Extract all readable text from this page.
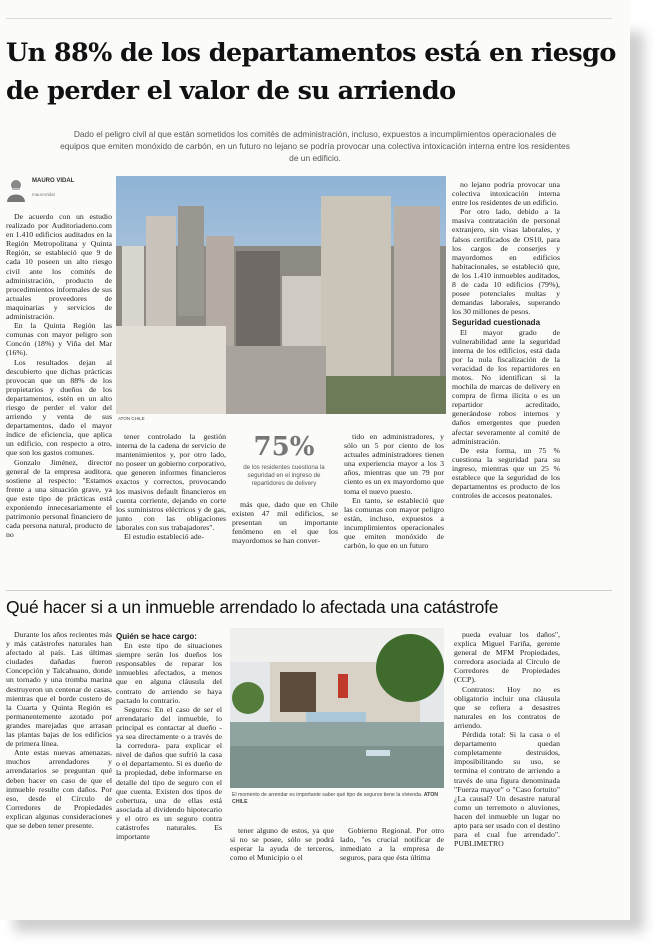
Un 88% de los departamentos está en riesgo de perder el valor de su arriendo
Dado el peligro civil al que están sometidos los comités de administración, incluso, expuestos a incumplimientos operacionales de equipos que emiten monóxido de carbón, en un futuro no lejano se podría provocar una colectiva intoxicación interna entre los residentes de un edificio.
MAURO VIDAL
mauroVidal

De acuerdo con un estudio realizado por Auditoriadeno.com en 1.410 edificios auditados en la Región Metropolitana y Quinta Región, se estableció que 9 de cada 10 poseen un alto riesgo civil ante los comités de administración, producto de procedimientos informales de sus actuales proveedores de maquinarias y servicios de administración.

En la Quinta Región las comunas con mayor peligro son Concón (18%) y Viña del Mar (16%).

Los resultados dejan al descubierto que dichas prácticas provocan que un 88% de los propietarios y dueños de los departamentos, estén en un alto riesgo de perder el valor del arriendo y venta de sus departamentos, dado el mayor índice de eficiencia, que aplica un edificio, con respecto a otro, que son los gastos comunes.

Gonzalo Jiménez, director general de la empresa auditora, sostiene al respecto: "Estamos frente a una situación grave, ya que este tipo de prácticas está exponiendo innecesariamente el patrimonio personal financiero de cada persona natural, producto de no

ATON CHILE

tener controlado la gestión interna de la cadena de servicio de mantenimientos y, por otro lado, no poseer un gobierno corporativo, que generen informes financieros exactos y correctos, provocando los masivos default financieros en cuenta corriente, dejando en corte los suministros eléctricos y de gas, junto con las obligaciones laborales con sus trabajadores".

El estudio estableció ade-

75%
de los residentes cuestiona la seguridad en el ingreso de repartidores de delivery

más que, dado que en Chile existen 47 mil edificios, se presentan un importante fenómeno en el que los mayordomos se han conver-

tido en administradores, y sólo un 5 por ciento de los actuales administradores tienen una experiencia mayor a los 3 años, mientras que un 79 por ciento es un ex mayordomo que toma el nuevo puesto.

En tanto, se estableció que las comunas con mayor peligro están, incluso, expuestos a incumplimientos operacionales que emiten monóxido de carbón, lo que en un futuro

no lejano podría provocar una colectiva intoxicación interna entre los residentes de un edificio.

Por otro lado, debido a la masiva contratación de personal extranjero, sin visas laborales, y falsos certificados de OS10, para los cargos de conserjes y mayordomos en edificios habitacionales, se estableció que, de los 1.410 inmuebles auditados, 8 de cada 10 edificios (79%), posee potenciales multas y demandas laborales, superando los 30 millones de pesos.

Seguridad cuestionada

El mayor grado de vulnerabilidad ante la seguridad interna de los edificios, está dada por la nula fiscalización de la veracidad de los repartidores en motos. No identifican si la mochila de marcas de delivery en compra de firma ilícita o es un repartidor acreditado, generándose robos internos y daños emergentes que pueden afectar severamente al comité de administración.

De esta forma, un 75 % cuestiona la seguridad para su ingreso, mientras que un 25 % establece que la seguridad de los departamentos es producto de los controles de accesos peatonales.

Qué hacer si a un inmueble arrendado lo afectada una catástrofe

Durante los años recientes más y más catástrofes naturales han afectado al país. Las últimas ciudades dañadas fueron Concepción y Talcahuano, donde un tornado y una tromba marina destruyeron un centenar de casas, mientras que el borde costero de la Cuarta y Quinta Región es permanentemente azotado por grandes marejadas que arrasan las plantas bajas de los edificios de primera línea.

Ante estas nuevas amenazas, muchos arrendadores y arrendatarios se preguntan qué deben hacer en caso de que el inmueble resulte con daños. Por eso, desde el Círculo de Corredores de Propiedades explican algunas consideraciones que se deben tener presente.

Quién se hace cargo:

En este tipo de situaciones siempre serán los dueños los responsables de reparar los inmuebles afectados, a menos que en alguna cláusula del contrato de arriendo se haya pactado lo contrario.

Seguros: En el caso de ser el arrendatario del inmueble, lo principal es contactar al dueño - ya sea directamente o a través de la corredora- para explicar el nivel de daños que sufrió la casa o el departamento. Si es dueño de la propiedad, debe informarse en detalle del tipo de seguro con el que cuenta. Existen dos tipos de cobertura, una de ellas está asociada al dividendo hipotecario y el otro es un seguro contra catástrofes naturales. Es importante

El momento de arrendar es importante saber qué tipo de seguros tiene la vivienda. ATON CHILE

tener alguno de estos, ya que si no se posee, sólo se podrá esperar la ayuda de terceros, como el Municipio o el

Gobierno Regional. Por otro lado, "es crucial notificar de inmediato a la empresa de seguros, para que ésta última

pueda evaluar los daños", explica Miguel Fariña, gerente general de MFM Propiedades, corredora asociada al Círculo de Corredores de Propiedades (CCP).

Contratos: Hoy no es obligatorio incluir una cláusula que se refiera a desastres naturales en los contratos de arriendo.

Pérdida total: Si la casa o el departamento quedan completamente destruidos, imposibilitando su uso, se termina el contrato de arriendo a través de una figura denominada "Fuerza mayor" o "Caso fortuito" ¿La causal? Un desastre natural como un terremoto o aluviones, hacen del inmueble un lugar no apto para ser usado con el destino para el cual fue arrendado". PUBLIMETRO
